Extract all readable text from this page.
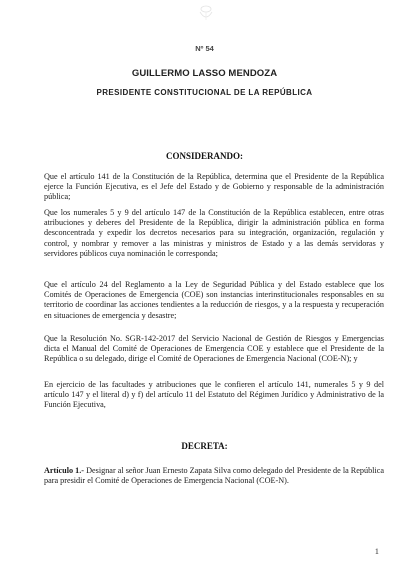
Nº 54
GUILLERMO LASSO MENDOZA
PRESIDENTE CONSTITUCIONAL DE LA REPÚBLICA
CONSIDERANDO:
Que el artículo 141 de la Constitución de la República, determina que el Presidente de la República ejerce la Función Ejecutiva, es el Jefe del Estado y de Gobierno y responsable de la administración pública;
Que los numerales 5 y 9 del artículo 147 de la Constitución de la República establecen, entre otras atribuciones y deberes del Presidente de la República, dirigir la administración pública en forma desconcentrada y expedir los decretos necesarios para su integración, organización, regulación y control, y nombrar y remover a las ministras y ministros de Estado y a las demás servidoras y servidores públicos cuya nominación le corresponda;
Que el artículo 24 del Reglamento a la Ley de Seguridad Pública y del Estado establece que los Comités de Operaciones de Emergencia (COE) son instancias interinstitucionales responsables en su territorio de coordinar las acciones tendientes a la reducción de riesgos, y a la respuesta y recuperación en situaciones de emergencia y desastre;
Que la Resolución No. SGR-142-2017 del Servicio Nacional de Gestión de Riesgos y Emergencias dicta el Manual del Comité de Operaciones de Emergencia COE y establece que el Presidente de la República o su delegado, dirige el Comité de Operaciones de Emergencia Nacional (COE-N); y
En ejercicio de las facultades y atribuciones que le confieren el artículo 141, numerales 5 y 9 del artículo 147 y el literal d) y f) del artículo 11 del Estatuto del Régimen Jurídico y Administrativo de la Función Ejecutiva,
DECRETA:
Artículo 1.- Designar al señor Juan Ernesto Zapata Silva como delegado del Presidente de la República para presidir el Comité de Operaciones de Emergencia Nacional (COE-N).
1
